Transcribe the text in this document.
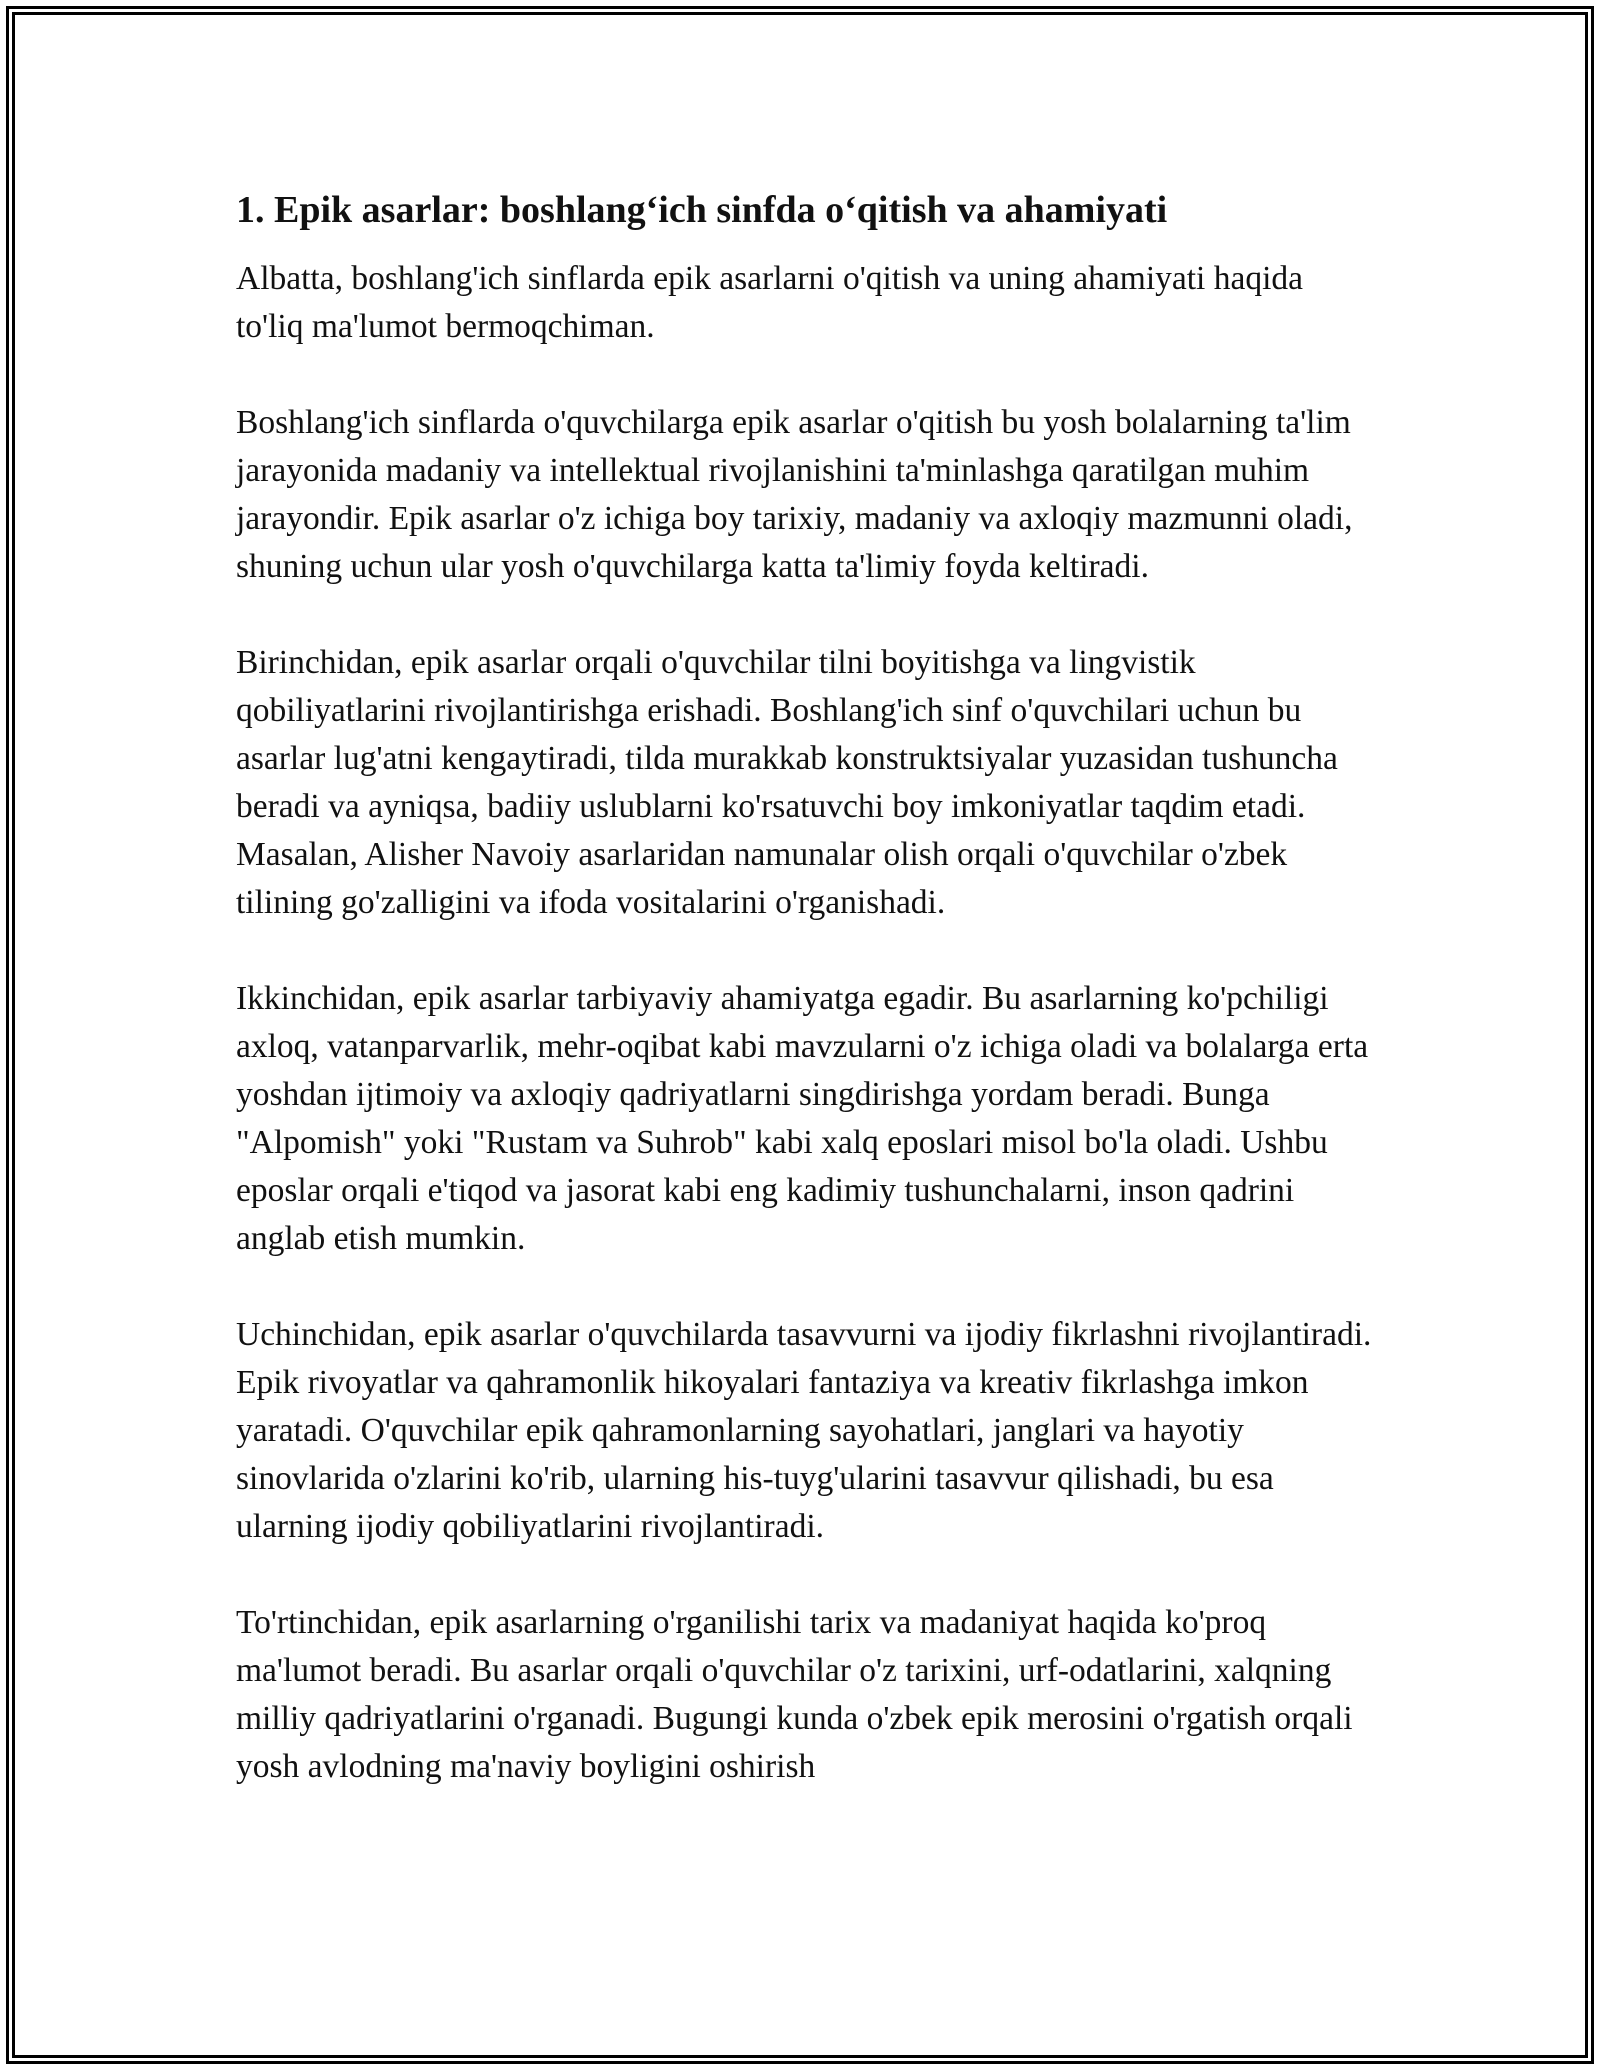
1. Epik asarlar: boshlang‘ich sinfda o‘qitish va ahamiyati

Albatta, boshlang'ich sinflarda epik asarlarni o'qitish va uning ahamiyati haqida to'liq ma'lumot bermoqchiman.

Boshlang'ich sinflarda o'quvchilarga epik asarlar o'qitish bu yosh bolalarning ta'lim jarayonida madaniy va intellektual rivojlanishini ta'minlashga qaratilgan muhim jarayondir. Epik asarlar o'z ichiga boy tarixiy, madaniy va axloqiy mazmunni oladi, shuning uchun ular yosh o'quvchilarga katta ta'limiy foyda keltiradi.

Birinchidan, epik asarlar orqali o'quvchilar tilni boyitishga va lingvistik qobiliyatlarini rivojlantirishga erishadi. Boshlang'ich sinf o'quvchilari uchun bu asarlar lug'atni kengaytiradi, tilda murakkab konstruktsiyalar yuzasidan tushuncha beradi va ayniqsa, badiiy uslublarni ko'rsatuvchi boy imkoniyatlar taqdim etadi. Masalan, Alisher Navoiy asarlaridan namunalar olish orqali o'quvchilar o'zbek tilining go'zalligini va ifoda vositalarini o'rganishadi.

Ikkinchidan, epik asarlar tarbiyaviy ahamiyatga egadir. Bu asarlarning ko'pchiligi axloq, vatanparvarlik, mehr-oqibat kabi mavzularni o'z ichiga oladi va bolalarga erta yoshdan ijtimoiy va axloqiy qadriyatlarni singdirishga yordam beradi. Bunga "Alpomish" yoki "Rustam va Suhrob" kabi xalq eposlari misol bo'la oladi. Ushbu eposlar orqali e'tiqod va jasorat kabi eng kadimiy tushunchalarni, inson qadrini anglab etish mumkin.

Uchinchidan, epik asarlar o'quvchilarda tasavvurni va ijodiy fikrlashni rivojlantiradi. Epik rivoyatlar va qahramonlik hikoyalari fantaziya va kreativ fikrlashga imkon yaratadi. O'quvchilar epik qahramonlarning sayohatlari, janglari va hayotiy sinovlarida o'zlarini ko'rib, ularning his-tuyg'ularini tasavvur qilishadi, bu esa ularning ijodiy qobiliyatlarini rivojlantiradi.

To'rtinchidan, epik asarlarning o'rganilishi tarix va madaniyat haqida ko'proq ma'lumot beradi. Bu asarlar orqali o'quvchilar o'z tarixini, urf-odatlarini, xalqning milliy qadriyatlarini o'rganadi. Bugungi kunda o'zbek epik merosini o'rgatish orqali yosh avlodning ma'naviy boyligini oshirish
